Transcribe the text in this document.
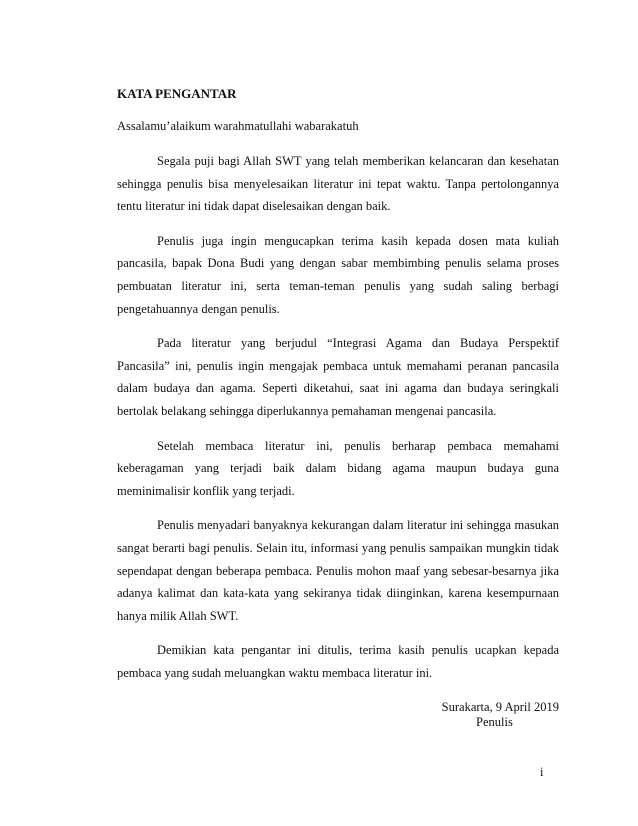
KATA PENGANTAR
Assalamu’alaikum warahmatullahi wabarakatuh

Segala puji bagi Allah SWT yang telah memberikan kelancaran dan kesehatan sehingga penulis bisa menyelesaikan literatur ini tepat waktu. Tanpa pertolongannya tentu literatur ini tidak dapat diselesaikan dengan baik.

Penulis juga ingin mengucapkan terima kasih kepada dosen mata kuliah pancasila, bapak Dona Budi yang dengan sabar membimbing penulis selama proses pembuatan literatur ini, serta teman-teman penulis yang sudah saling berbagi pengetahuannya dengan penulis.

Pada literatur yang berjudul “Integrasi Agama dan Budaya Perspektif Pancasila” ini, penulis ingin mengajak pembaca untuk memahami peranan pancasila dalam budaya dan agama. Seperti diketahui, saat ini agama dan budaya seringkali bertolak belakang sehingga diperlukannya pemahaman mengenai pancasila.

Setelah membaca literatur ini, penulis berharap pembaca memahami keberagaman yang terjadi baik dalam bidang agama maupun budaya guna meminimalisir konflik yang terjadi.

Penulis menyadari banyaknya kekurangan dalam literatur ini sehingga masukan sangat berarti bagi penulis. Selain itu, informasi yang penulis sampaikan mungkin tidak sependapat dengan beberapa pembaca. Penulis mohon maaf yang sebesar-besarnya jika adanya kalimat dan kata-kata yang sekiranya tidak diinginkan, karena kesempurnaan hanya milik Allah SWT.

Demikian kata pengantar ini ditulis, terima kasih penulis ucapkan kepada pembaca yang sudah meluangkan waktu membaca literatur ini.

Surakarta, 9 April 2019
Penulis
i
